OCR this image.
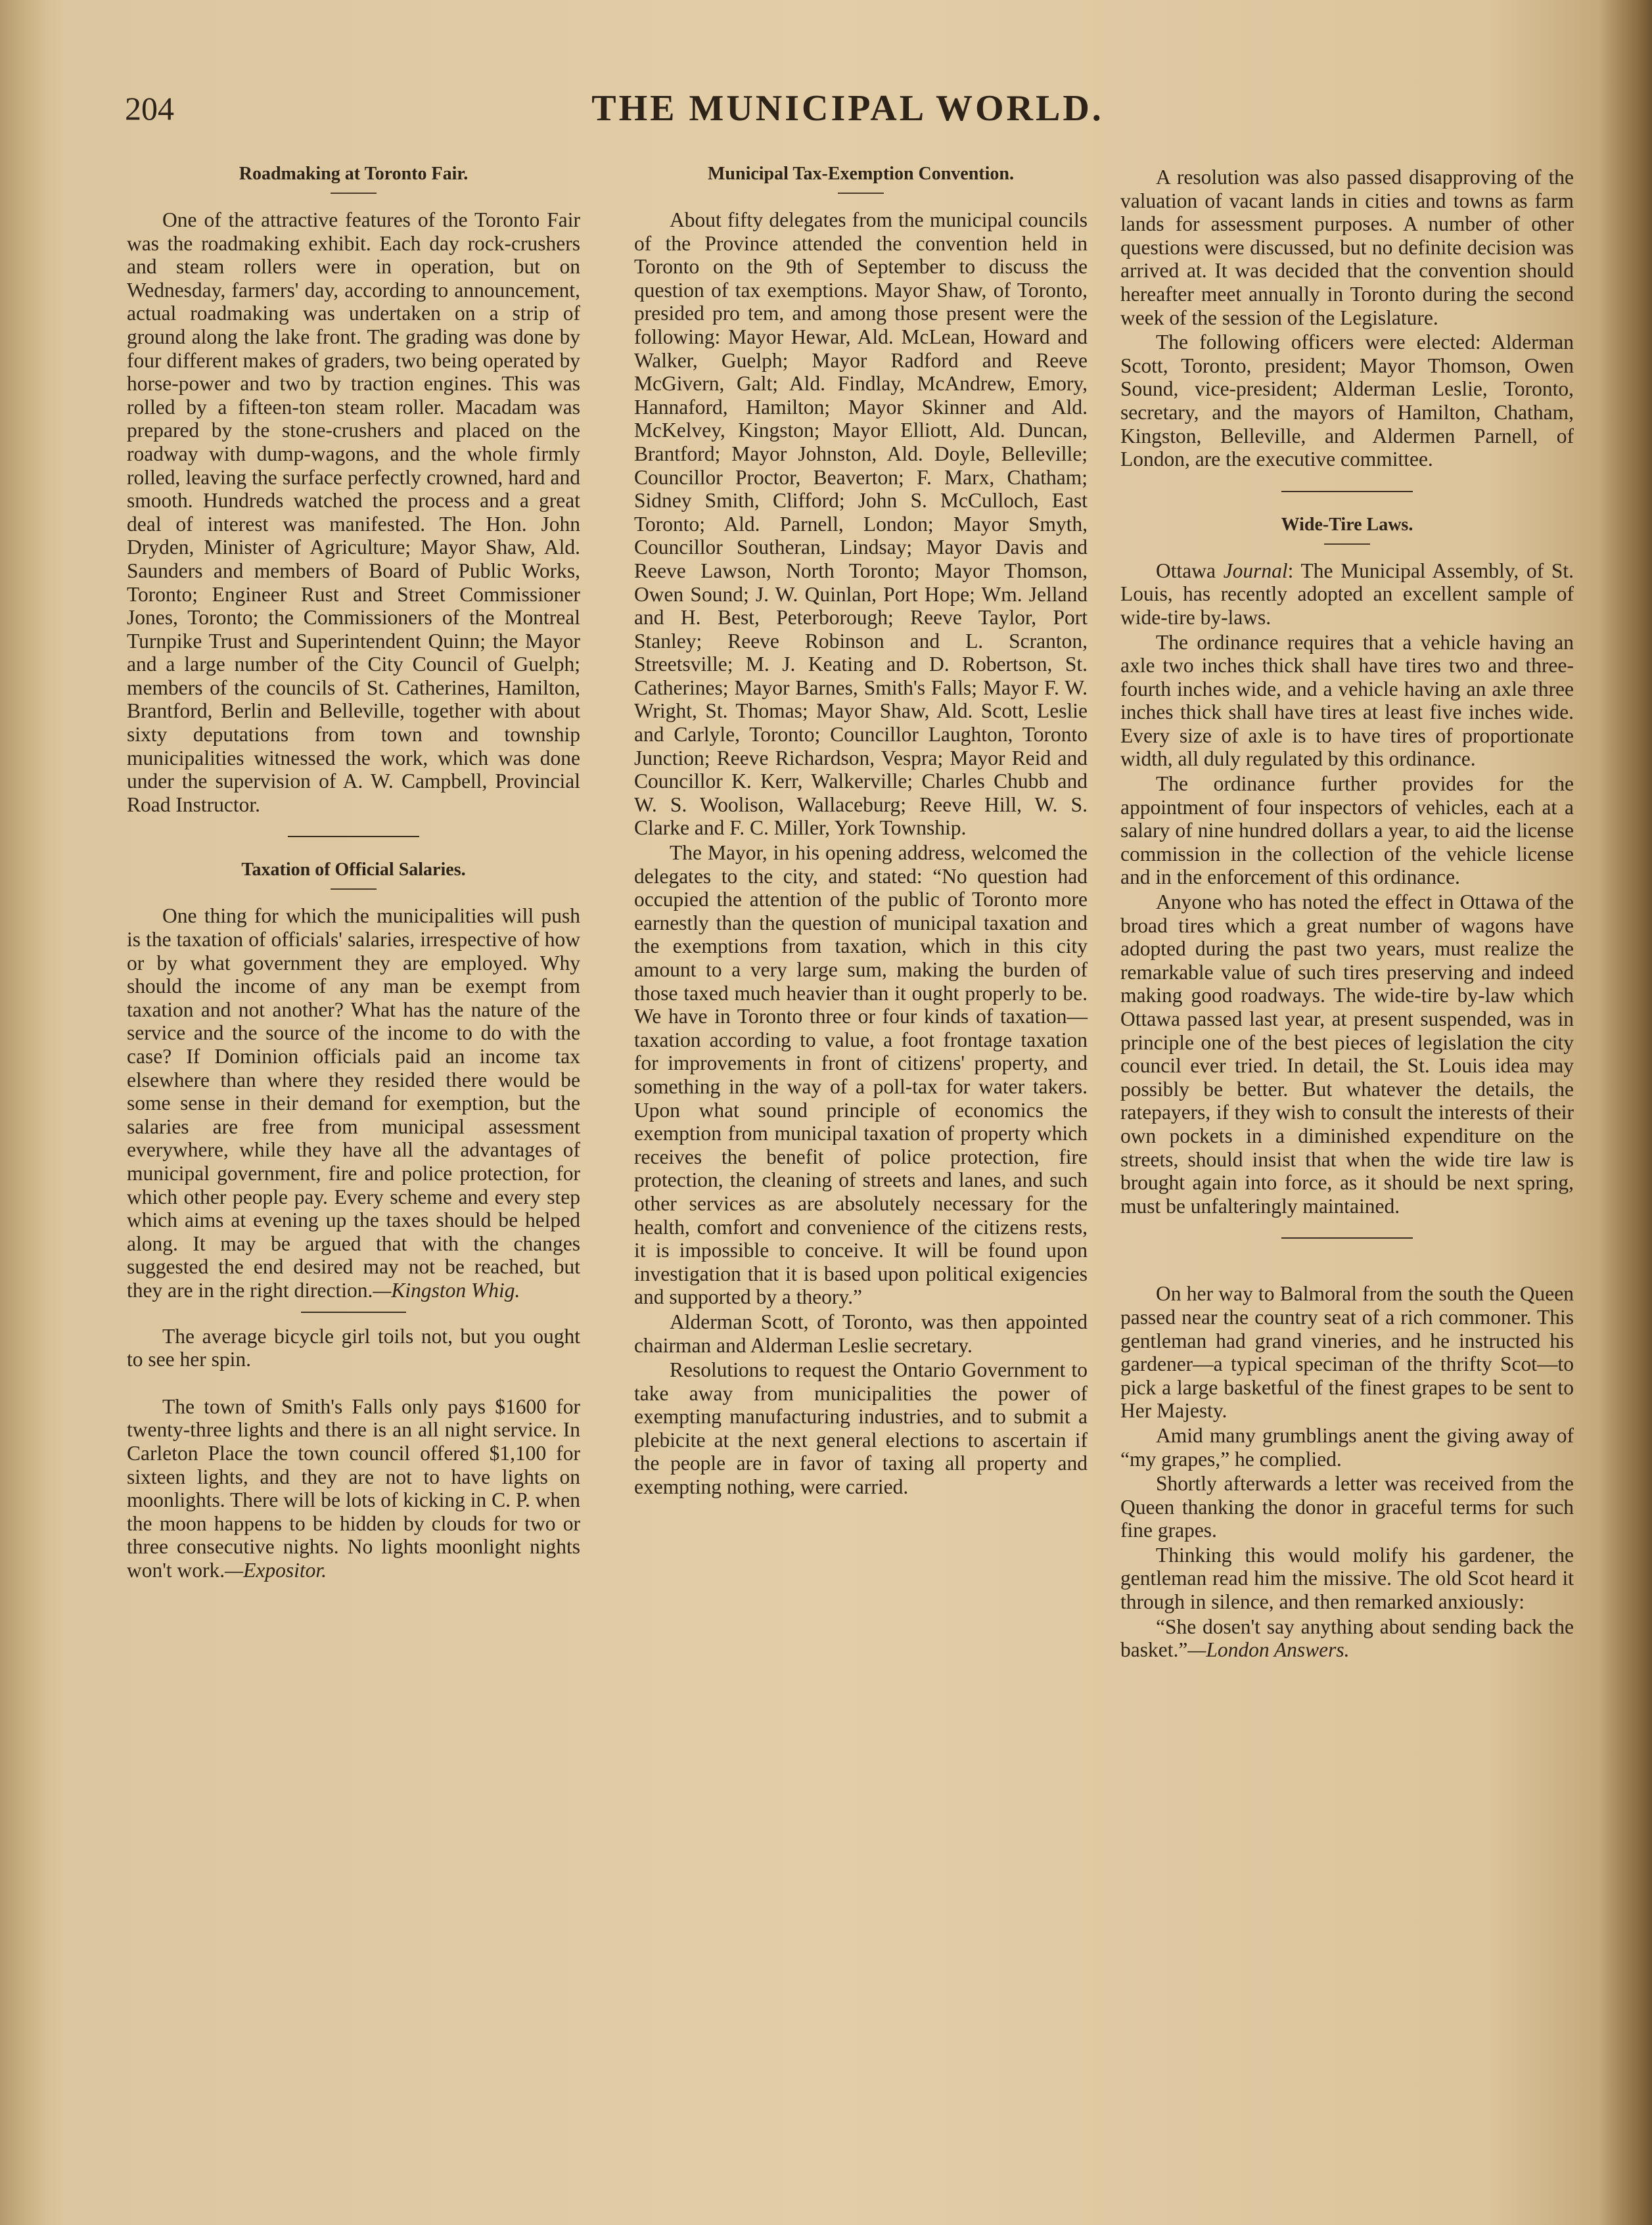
204	THE MUNICIPAL WORLD.
Roadmaking at Toronto Fair.

One of the attractive features of the Toronto Fair was the roadmaking exhibit. Each day rock-crushers and steam rollers were in operation, but on Wednesday, farmers' day, according to announcement, actual roadmaking was undertaken on a strip of ground along the lake front. The grading was done by four different makes of graders, two being operated by horse-power and two by traction engines. This was rolled by a fifteen-ton steam roller. Macadam was prepared by the stone-crushers and placed on the roadway with dump-wagons, and the whole firmly rolled, leaving the surface perfectly crowned, hard and smooth. Hundreds watched the process and a great deal of interest was manifested. The Hon. John Dryden, Minister of Agriculture; Mayor Shaw, Ald. Saunders and members of Board of Public Works, Toronto; Engineer Rust and Street Commissioner Jones, Toronto; the Commissioners of the Montreal Turnpike Trust and Superintendent Quinn; the Mayor and a large number of the City Council of Guelph; members of the councils of St. Catherines, Hamilton, Brantford, Berlin and Belleville, together with about sixty deputations from town and township municipalities witnessed the work, which was done under the supervision of A. W. Campbell, Provincial Road Instructor.

Taxation of Official Salaries.

One thing for which the municipalities will push is the taxation of officials' salaries, irrespective of how or by what government they are employed. Why should the income of any man be exempt from taxation and not another? What has the nature of the service and the source of the income to do with the case? If Dominion officials paid an income tax elsewhere than where they resided there would be some sense in their demand for exemption, but the salaries are free from municipal assessment everywhere, while they have all the advantages of municipal government, fire and police protection, for which other people pay. Every scheme and every step which aims at evening up the taxes should be helped along. It may be argued that with the changes suggested the end desired may not be reached, but they are in the right direction.—Kingston Whig.

The average bicycle girl toils not, but you ought to see her spin.

The town of Smith's Falls only pays $1600 for twenty-three lights and there is an all night service. In Carleton Place the town council offered $1,100 for sixteen lights, and they are not to have lights on moonlights. There will be lots of kicking in C. P. when the moon happens to be hidden by clouds for two or three consecutive nights. No lights moonlight nights won't work.—Expositor.

Municipal Tax-Exemption Convention.

About fifty delegates from the municipal councils of the Province attended the convention held in Toronto on the 9th of September to discuss the question of tax exemptions. Mayor Shaw, of Toronto, presided pro tem, and among those present were the following: Mayor Hewar, Ald. McLean, Howard and Walker, Guelph; Mayor Radford and Reeve McGivern, Galt; Ald. Findlay, McAndrew, Emory, Hannaford, Hamilton; Mayor Skinner and Ald. McKelvey, Kingston; Mayor Elliott, Ald. Duncan, Brantford; Mayor Johnston, Ald. Doyle, Belleville; Councillor Proctor, Beaverton; F. Marx, Chatham; Sidney Smith, Clifford; John S. McCulloch, East Toronto; Ald. Parnell, London; Mayor Smyth, Councillor Southeran, Lindsay; Mayor Davis and Reeve Lawson, North Toronto; Mayor Thomson, Owen Sound; J. W. Quinlan, Port Hope; Wm. Jelland and H. Best, Peterborough; Reeve Taylor, Port Stanley; Reeve Robinson and L. Scranton, Streetsville; M. J. Keating and D. Robertson, St. Catherines; Mayor Barnes, Smith's Falls; Mayor F. W. Wright, St. Thomas; Mayor Shaw, Ald. Scott, Leslie and Carlyle, Toronto; Councillor Laughton, Toronto Junction; Reeve Richardson, Vespra; Mayor Reid and Councillor K. Kerr, Walkerville; Charles Chubb and W. S. Woolison, Wallaceburg; Reeve Hill, W. S. Clarke and F. C. Miller, York Township.

The Mayor, in his opening address, welcomed the delegates to the city, and stated: “No question had occupied the attention of the public of Toronto more earnestly than the question of municipal taxation and the exemptions from taxation, which in this city amount to a very large sum, making the burden of those taxed much heavier than it ought properly to be. We have in Toronto three or four kinds of taxation—taxation according to value, a foot frontage taxation for improvements in front of citizens' property, and something in the way of a poll-tax for water takers. Upon what sound principle of economics the exemption from municipal taxation of property which receives the benefit of police protection, fire protection, the cleaning of streets and lanes, and such other services as are absolutely necessary for the health, comfort and convenience of the citizens rests, it is impossible to conceive. It will be found upon investigation that it is based upon political exigencies and supported by a theory.”

Alderman Scott, of Toronto, was then appointed chairman and Alderman Leslie secretary.

Resolutions to request the Ontario Government to take away from municipalities the power of exempting manufacturing industries, and to submit a plebicite at the next general elections to ascertain if the people are in favor of taxing all property and exempting nothing, were carried.

A resolution was also passed disapproving of the valuation of vacant lands in cities and towns as farm lands for assessment purposes. A number of other questions were discussed, but no definite decision was arrived at. It was decided that the convention should hereafter meet annually in Toronto during the second week of the session of the Legislature.

The following officers were elected: Alderman Scott, Toronto, president; Mayor Thomson, Owen Sound, vice-president; Alderman Leslie, Toronto, secretary, and the mayors of Hamilton, Chatham, Kingston, Belleville, and Aldermen Parnell, of London, are the executive committee.

Wide-Tire Laws.

Ottawa Journal: The Municipal Assembly, of St. Louis, has recently adopted an excellent sample of wide-tire by-laws.

The ordinance requires that a vehicle having an axle two inches thick shall have tires two and three-fourth inches wide, and a vehicle having an axle three inches thick shall have tires at least five inches wide. Every size of axle is to have tires of proportionate width, all duly regulated by this ordinance.

The ordinance further provides for the appointment of four inspectors of vehicles, each at a salary of nine hundred dollars a year, to aid the license commission in the collection of the vehicle license and in the enforcement of this ordinance.

Anyone who has noted the effect in Ottawa of the broad tires which a great number of wagons have adopted during the past two years, must realize the remarkable value of such tires preserving and indeed making good roadways. The wide-tire by-law which Ottawa passed last year, at present suspended, was in principle one of the best pieces of legislation the city council ever tried. In detail, the St. Louis idea may possibly be better. But whatever the details, the ratepayers, if they wish to consult the interests of their own pockets in a diminished expenditure on the streets, should insist that when the wide tire law is brought again into force, as it should be next spring, must be unfalteringly maintained.

On her way to Balmoral from the south the Queen passed near the country seat of a rich commoner. This gentleman had grand vineries, and he instructed his gardener—a typical speciman of the thrifty Scot—to pick a large basketful of the finest grapes to be sent to Her Majesty.

Amid many grumblings anent the giving away of “my grapes,” he complied.

Shortly afterwards a letter was received from the Queen thanking the donor in graceful terms for such fine grapes.

Thinking this would molify his gardener, the gentleman read him the missive. The old Scot heard it through in silence, and then remarked anxiously:

“She dosen't say anything about sending back the basket.”—London Answers.
